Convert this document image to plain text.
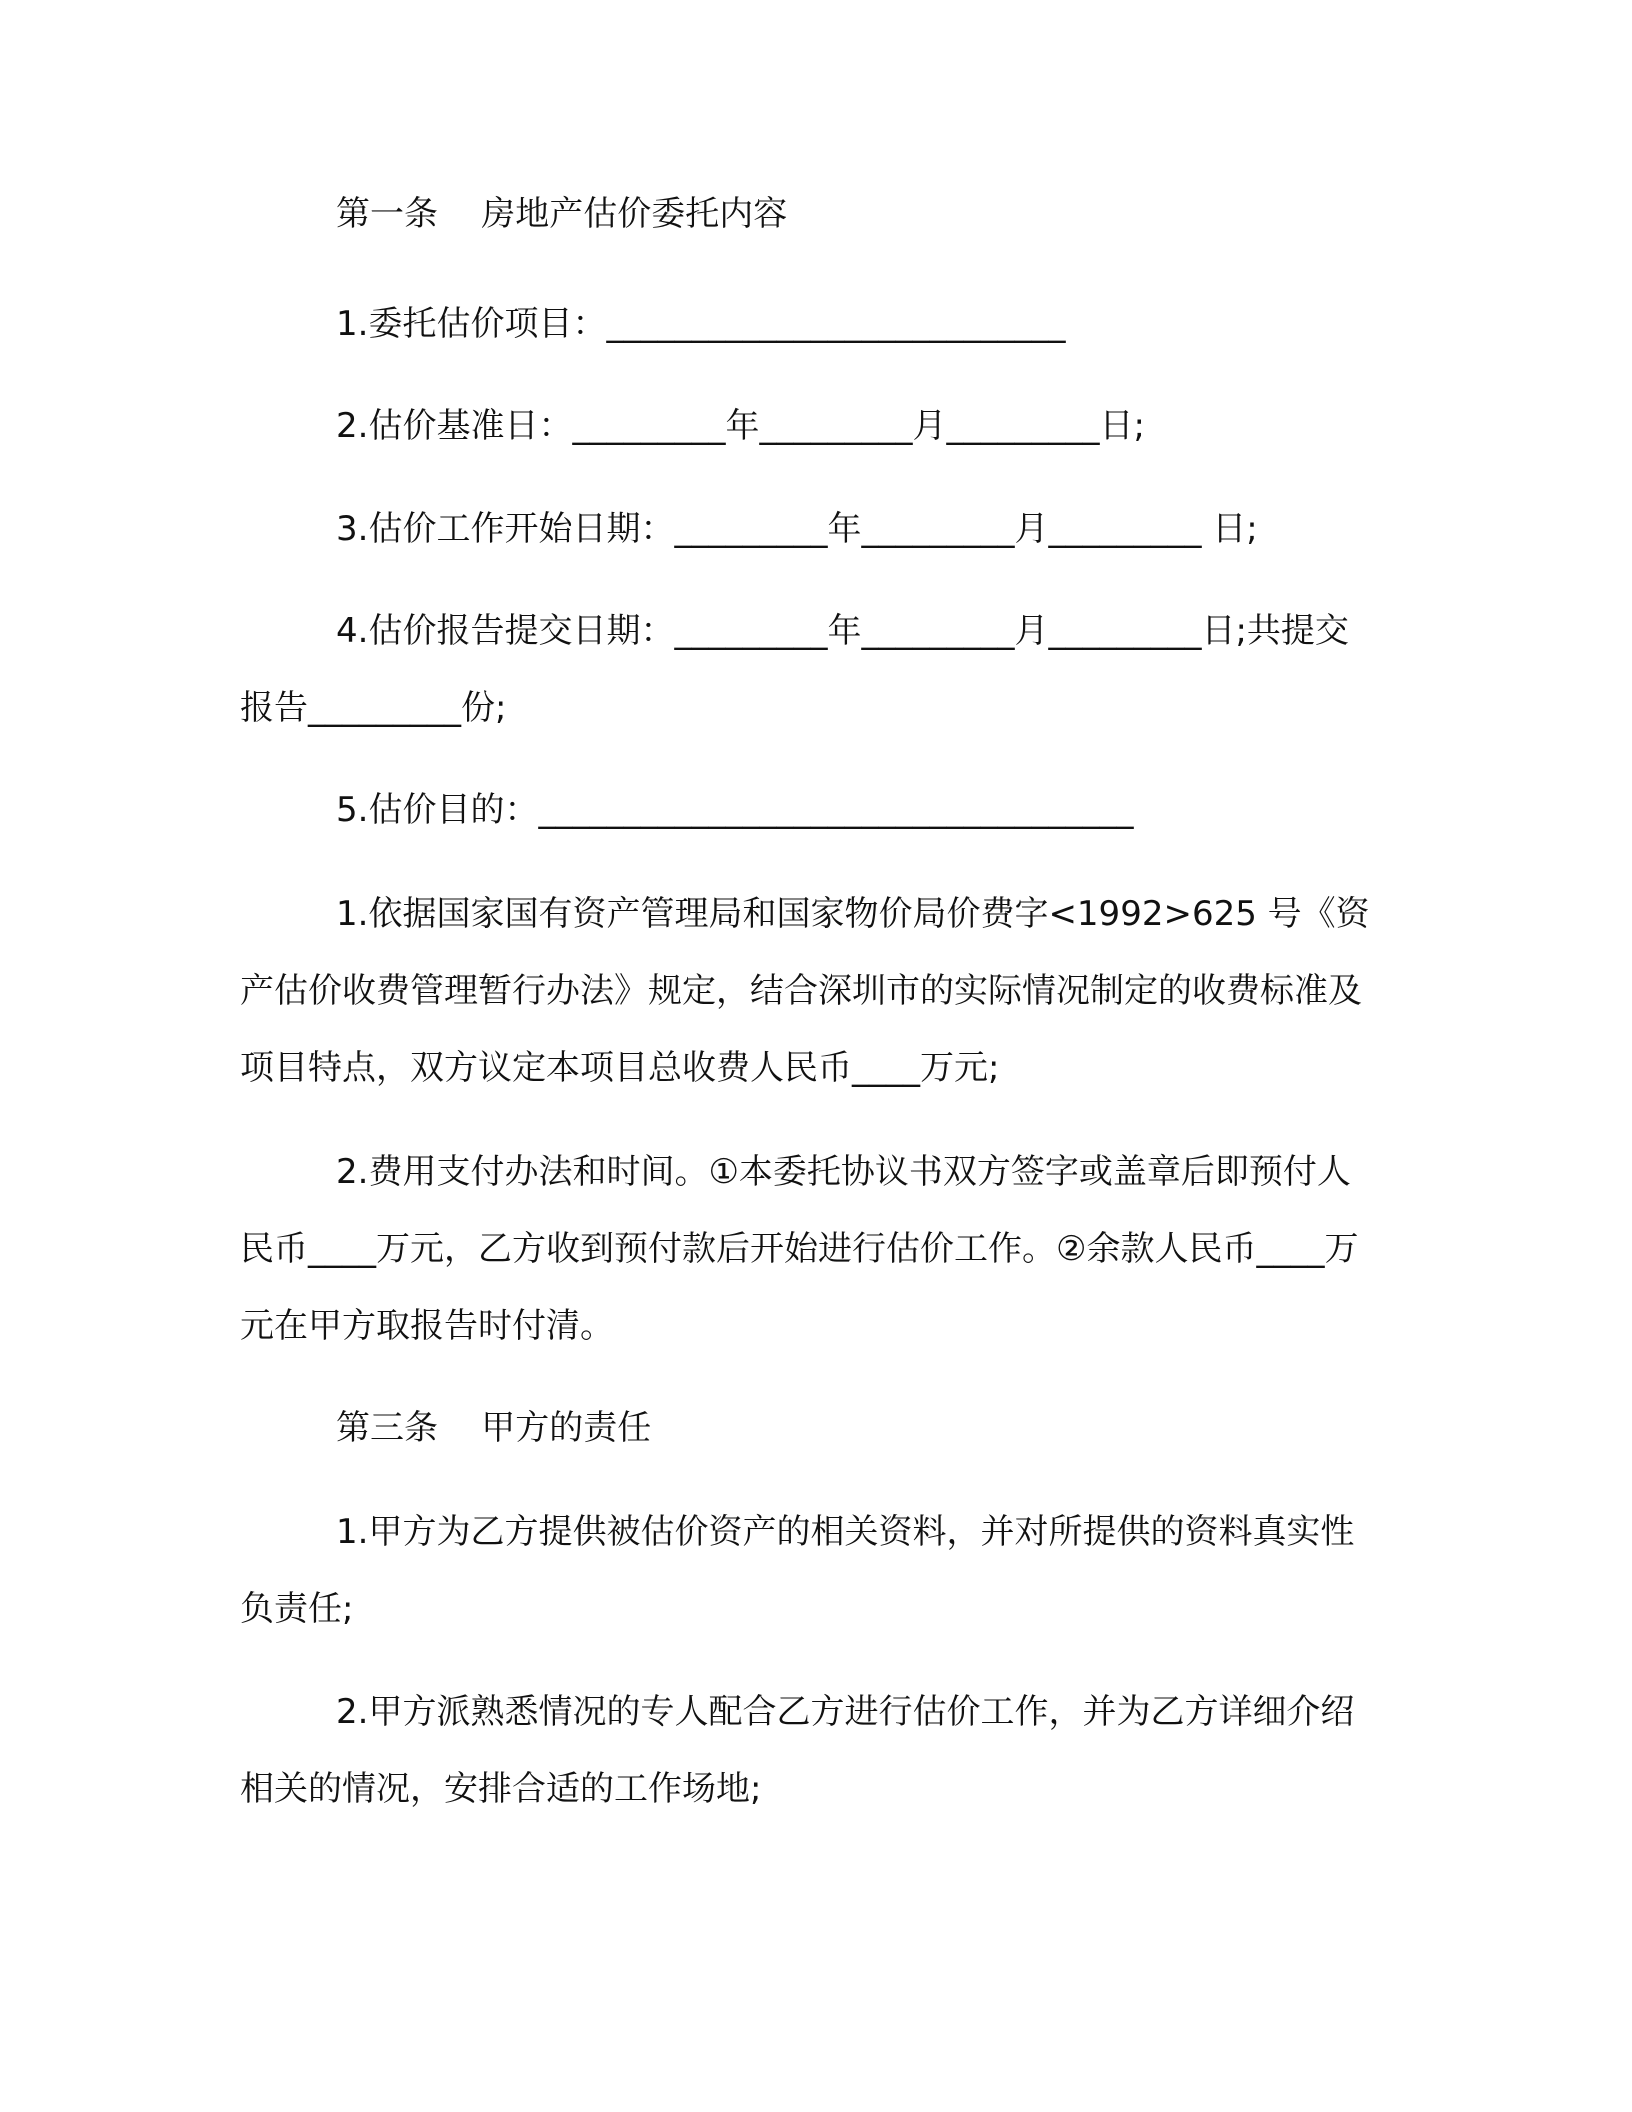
第一条    房地产估价委托内容

1.委托估价项目：___________________________

2.估价基准日：_________年_________月_________日;

3.估价工作开始日期：_________年_________月_________ 日;

4.估价报告提交日期：_________年_________月_________日;共提交报告_________份;

5.估价目的：___________________________________

1.依据国家国有资产管理局和国家物价局价费字<1992>625 号《资产估价收费管理暂行办法》规定，结合深圳市的实际情况制定的收费标准及项目特点，双方议定本项目总收费人民币____万元;

2.费用支付办法和时间。①本委托协议书双方签字或盖章后即预付人民币____万元，乙方收到预付款后开始进行估价工作。②余款人民币____万元在甲方取报告时付清。

第三条    甲方的责任

1.甲方为乙方提供被估价资产的相关资料，并对所提供的资料真实性负责任;

2.甲方派熟悉情况的专人配合乙方进行估价工作，并为乙方详细介绍相关的情况，安排合适的工作场地;
